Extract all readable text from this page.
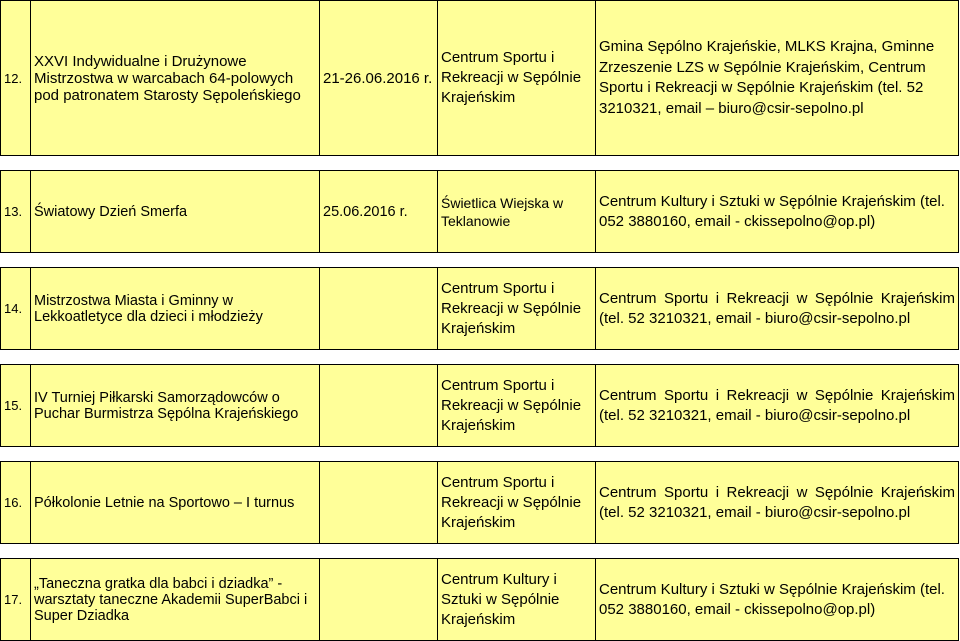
12.	XXVI Indywidualne i Drużynowe Mistrzostwa w warcabach 64-polowych pod patronatem Starosty Sępoleńskiego	21-26.06.2016 r.	Centrum Sportu i Rekreacji w Sępólnie Krajeńskim	Gmina Sępólno Krajeńskie, MLKS Krajna, Gminne Zrzeszenie LZS w Sępólnie Krajeńskim, Centrum Sportu i Rekreacji w Sępólnie Krajeńskim (tel. 52 3210321, email – biuro@csir-sepolno.pl

13.	Światowy Dzień Smerfa	25.06.2016 r.	Świetlica Wiejska w Teklanowie	Centrum Kultury i Sztuki w Sępólnie Krajeńskim (tel. 052 3880160, email - ckissepolno@op.pl)

14.	Mistrzostwa Miasta i Gminny w Lekkoatletyce dla dzieci i młodzieży		Centrum Sportu i Rekreacji w Sępólnie Krajeńskim	Centrum Sportu i Rekreacji w Sępólnie Krajeńskim (tel. 52 3210321, email - biuro@csir-sepolno.pl

15.	IV Turniej Piłkarski Samorządowców o Puchar Burmistrza Sępólna Krajeńskiego		Centrum Sportu i Rekreacji w Sępólnie Krajeńskim	Centrum Sportu i Rekreacji w Sępólnie Krajeńskim (tel. 52 3210321, email - biuro@csir-sepolno.pl

16.	Półkolonie Letnie na Sportowo – I turnus		Centrum Sportu i Rekreacji w Sępólnie Krajeńskim	Centrum Sportu i Rekreacji w Sępólnie Krajeńskim (tel. 52 3210321, email - biuro@csir-sepolno.pl

17.	„Taneczna gratka dla babci i dziadka” - warsztaty taneczne Akademii SuperBabci i Super Dziadka		Centrum Kultury i Sztuki w Sępólnie Krajeńskim	Centrum Kultury i Sztuki w Sępólnie Krajeńskim (tel. 052 3880160, email - ckissepolno@op.pl)
